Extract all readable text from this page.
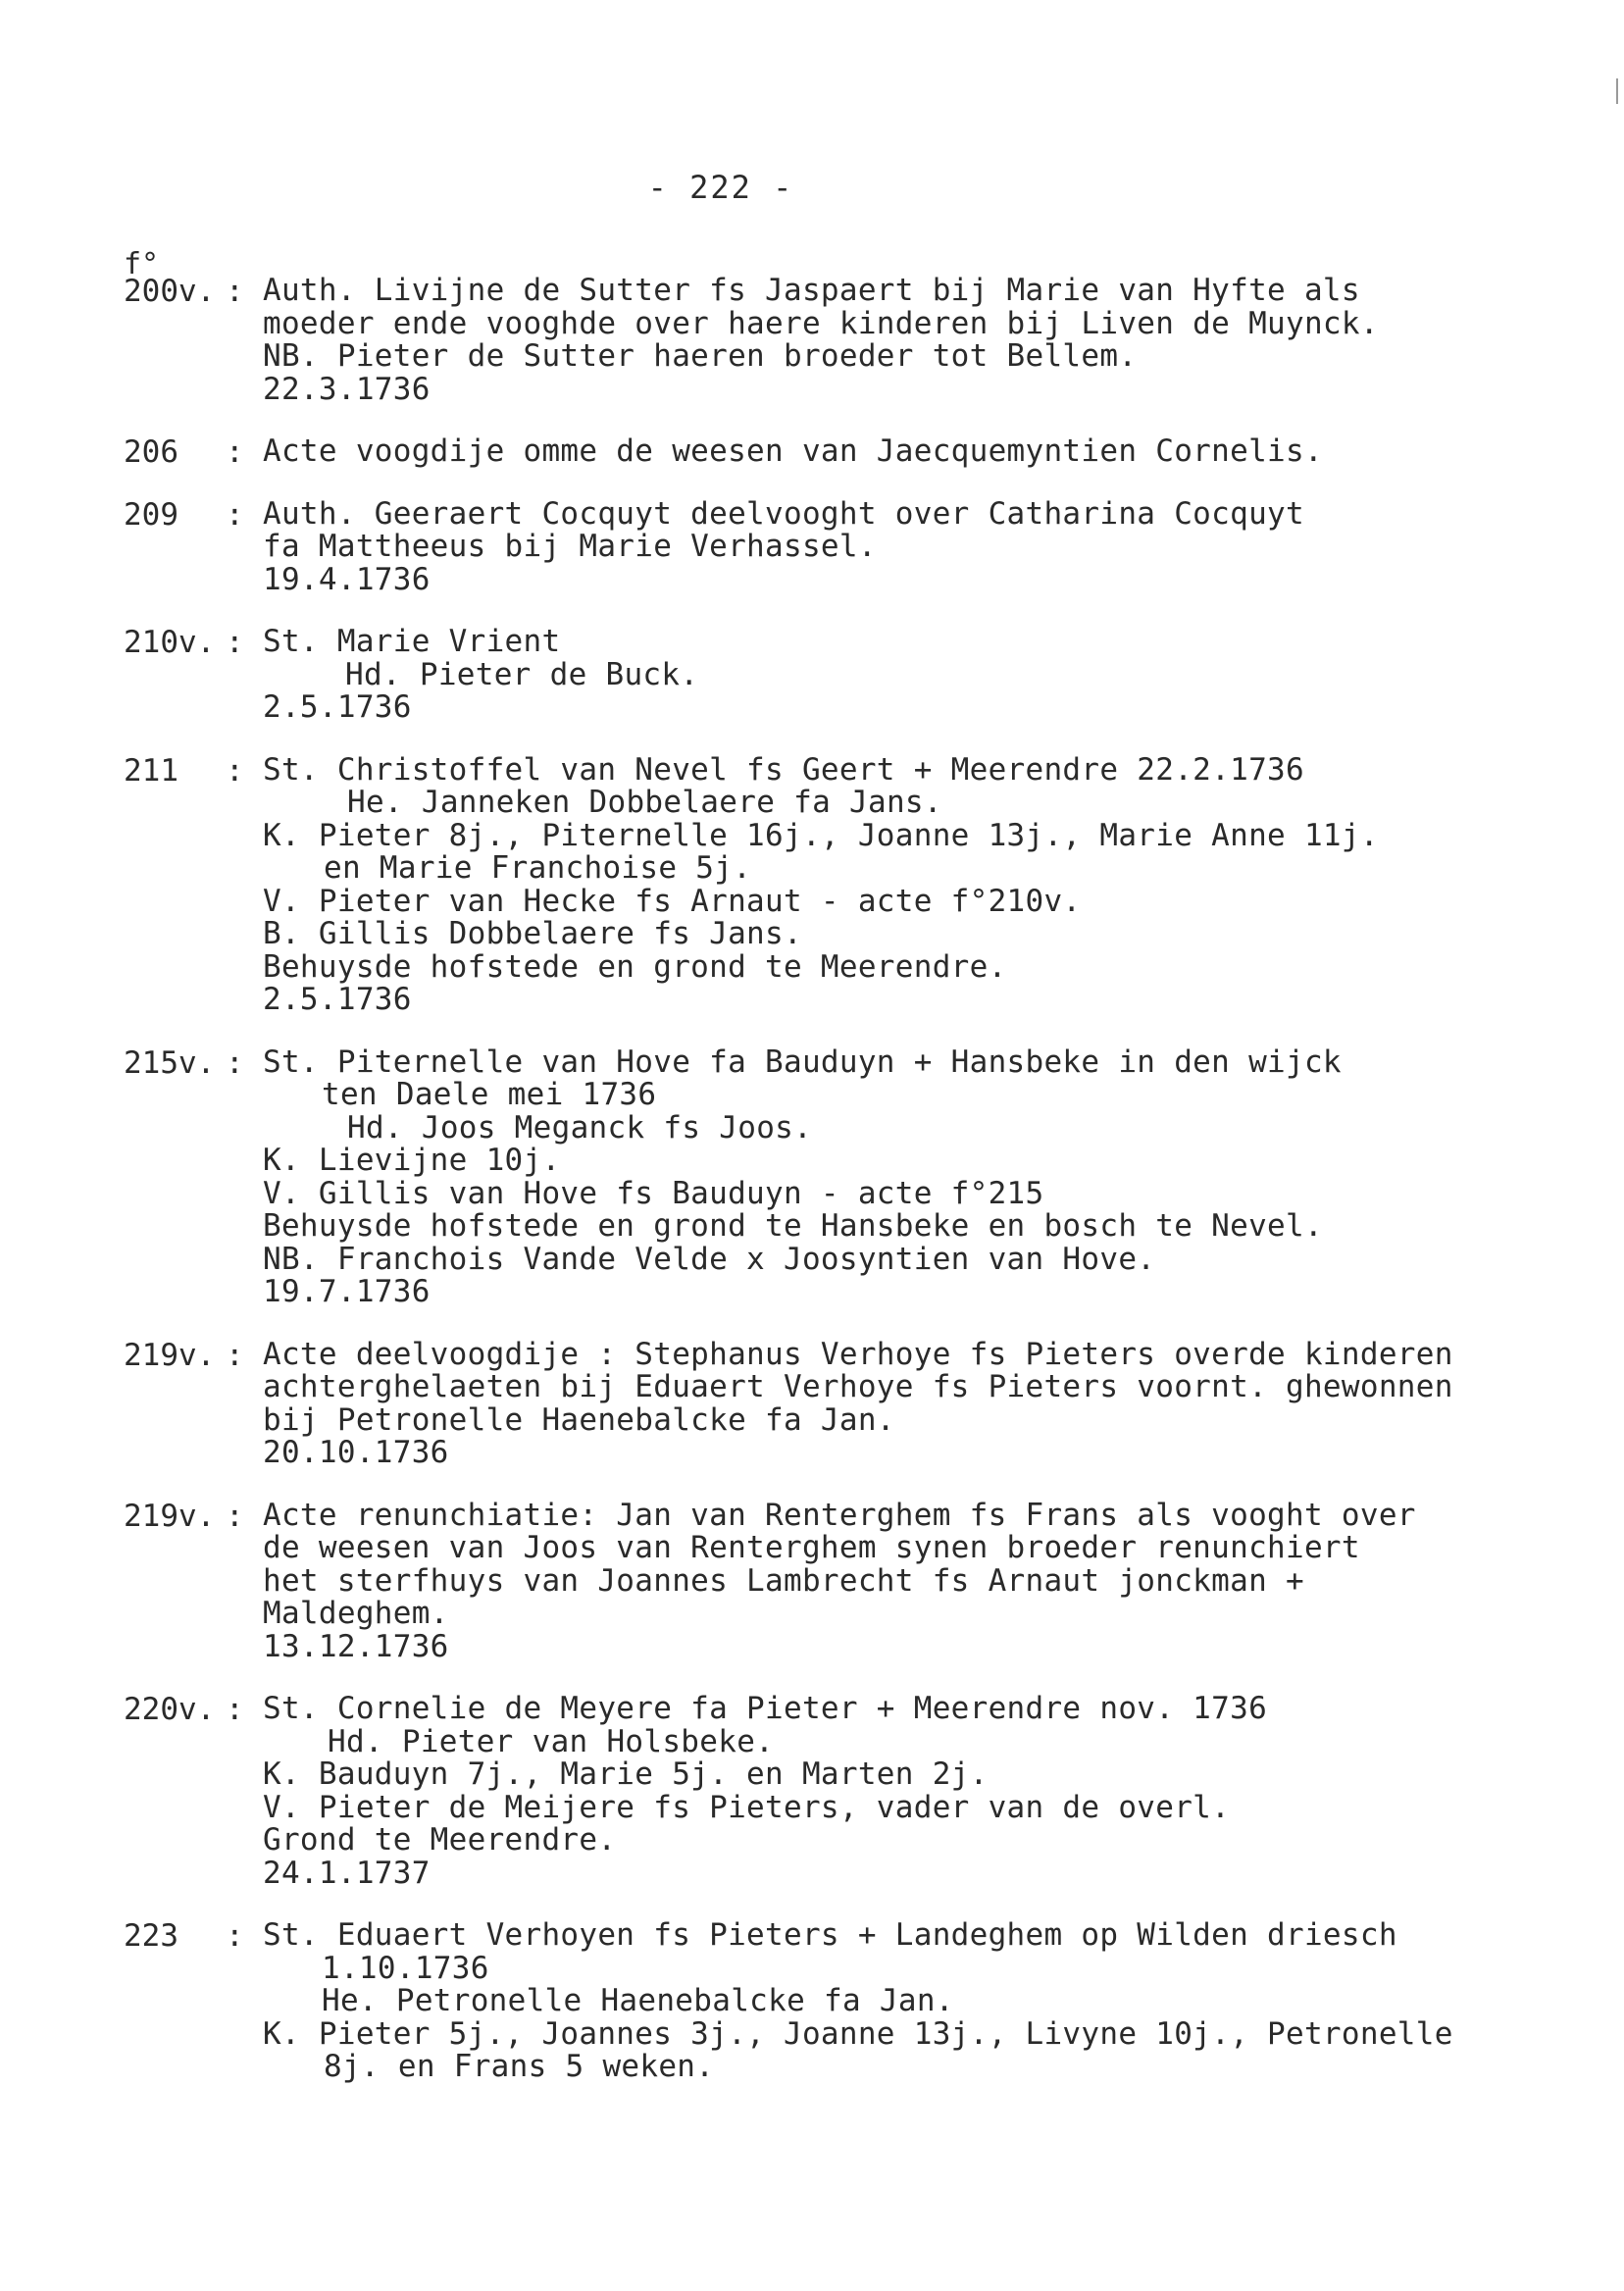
- 222 -
f°
200v. : Auth. Livijne de Sutter fs Jaspaert bij Marie van Hyfte als
moeder ende vooghde over haere kinderen bij Liven de Muynck.
NB. Pieter de Sutter haeren broeder tot Bellem.
22.3.1736
206 : Acte voogdije omme de weesen van Jaecquemyntien Cornelis.
209 : Auth. Geeraert Cocquyt deelvooght over Catharina Cocquyt
fa Mattheeus bij Marie Verhassel.
19.4.1736
210v. : St. Marie Vrient
Hd. Pieter de Buck.
2.5.1736
211 : St. Christoffel van Nevel fs Geert + Meerendre 22.2.1736
He. Janneken Dobbelaere fa Jans.
K. Pieter 8j., Piternelle 16j., Joanne 13j., Marie Anne 11j.
en Marie Franchoise 5j.
V. Pieter van Hecke fs Arnaut - acte f°210v.
B. Gillis Dobbelaere fs Jans.
Behuysde hofstede en grond te Meerendre.
2.5.1736
215v. : St. Piternelle van Hove fa Bauduyn + Hansbeke in den wijck
ten Daele mei 1736
Hd. Joos Meganck fs Joos.
K. Lievijne 10j.
V. Gillis van Hove fs Bauduyn - acte f°215
Behuysde hofstede en grond te Hansbeke en bosch te Nevel.
NB. Franchois Vande Velde x Joosyntien van Hove.
19.7.1736
219v. : Acte deelvoogdije : Stephanus Verhoye fs Pieters overde kinderen
achterghelaeten bij Eduaert Verhoye fs Pieters voornt. ghewonnen
bij Petronelle Haenebalcke fa Jan.
20.10.1736
219v. : Acte renunchiatie: Jan van Renterghem fs Frans als vooght over
de weesen van Joos van Renterghem synen broeder renunchiert
het sterfhuys van Joannes Lambrecht fs Arnaut jonckman +
Maldeghem.
13.12.1736
220v. : St. Cornelie de Meyere fa Pieter + Meerendre nov. 1736
Hd. Pieter van Holsbeke.
K. Bauduyn 7j., Marie 5j. en Marten 2j.
V. Pieter de Meijere fs Pieters, vader van de overl.
Grond te Meerendre.
24.1.1737
223 : St. Eduaert Verhoyen fs Pieters + Landeghem op Wilden driesch
1.10.1736
He. Petronelle Haenebalcke fa Jan.
K. Pieter 5j., Joannes 3j., Joanne 13j., Livyne 10j., Petronelle
8j. en Frans 5 weken.
